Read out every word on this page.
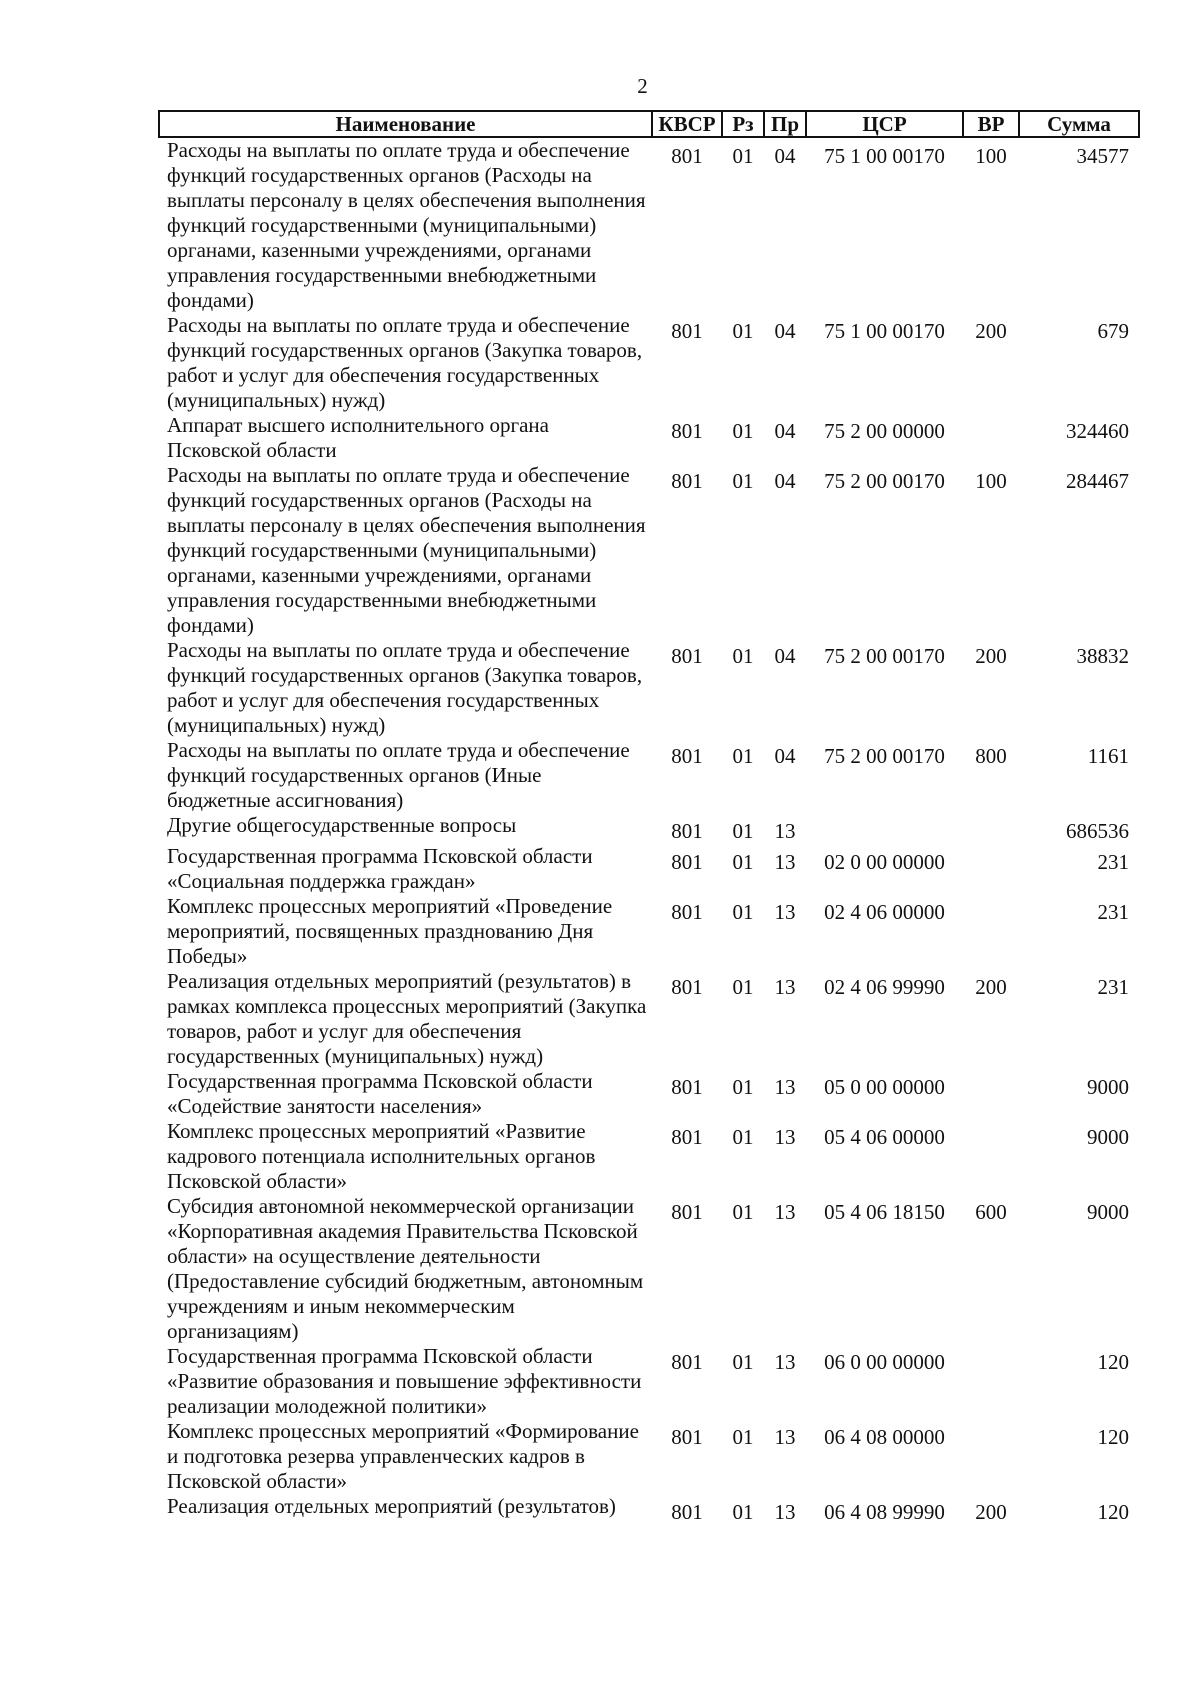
2
Наименование	КВСР	Рз	Пр	ЦСР	ВР	Сумма
Расходы на выплаты по оплате труда и обеспечение функций государственных органов (Расходы на выплаты персоналу в целях обеспечения выполнения функций государственными (муниципальными) органами, казенными учреждениями, органами управления государственными внебюджетными фондами)	801	01	04	75 1 00 00170	100	34577
Расходы на выплаты по оплате труда и обеспечение функций государственных органов (Закупка товаров, работ и услуг для обеспечения государственных (муниципальных) нужд)	801	01	04	75 1 00 00170	200	679
Аппарат высшего исполнительного органа Псковской области	801	01	04	75 2 00 00000		324460
Расходы на выплаты по оплате труда и обеспечение функций государственных органов (Расходы на выплаты персоналу в целях обеспечения выполнения функций государственными (муниципальными) органами, казенными учреждениями, органами управления государственными внебюджетными фондами)	801	01	04	75 2 00 00170	100	284467
Расходы на выплаты по оплате труда и обеспечение функций государственных органов (Закупка товаров, работ и услуг для обеспечения государственных (муниципальных) нужд)	801	01	04	75 2 00 00170	200	38832
Расходы на выплаты по оплате труда и обеспечение функций государственных органов (Иные бюджетные ассигнования)	801	01	04	75 2 00 00170	800	1161
Другие общегосударственные вопросы	801	01	13			686536
Государственная программа Псковской области «Социальная поддержка граждан»	801	01	13	02 0 00 00000		231
Комплекс процессных мероприятий «Проведение мероприятий, посвященных празднованию Дня Победы»	801	01	13	02 4 06 00000		231
Реализация отдельных мероприятий (результатов) в рамках комплекса процессных мероприятий (Закупка товаров, работ и услуг для обеспечения государственных (муниципальных) нужд)	801	01	13	02 4 06 99990	200	231
Государственная программа Псковской области «Содействие занятости населения»	801	01	13	05 0 00 00000		9000
Комплекс процессных мероприятий «Развитие кадрового потенциала исполнительных органов Псковской области»	801	01	13	05 4 06 00000		9000
Субсидия автономной некоммерческой организации «Корпоративная академия Правительства Псковской области» на осуществление деятельности (Предоставление субсидий бюджетным, автономным учреждениям и иным некоммерческим организациям)	801	01	13	05 4 06 18150	600	9000
Государственная программа Псковской области «Развитие образования и повышение эффективности реализации молодежной политики»	801	01	13	06 0 00 00000		120
Комплекс процессных мероприятий «Формирование и подготовка резерва управленческих кадров в Псковской области»	801	01	13	06 4 08 00000		120
Реализация отдельных мероприятий (результатов)	801	01	13	06 4 08 99990	200	120
